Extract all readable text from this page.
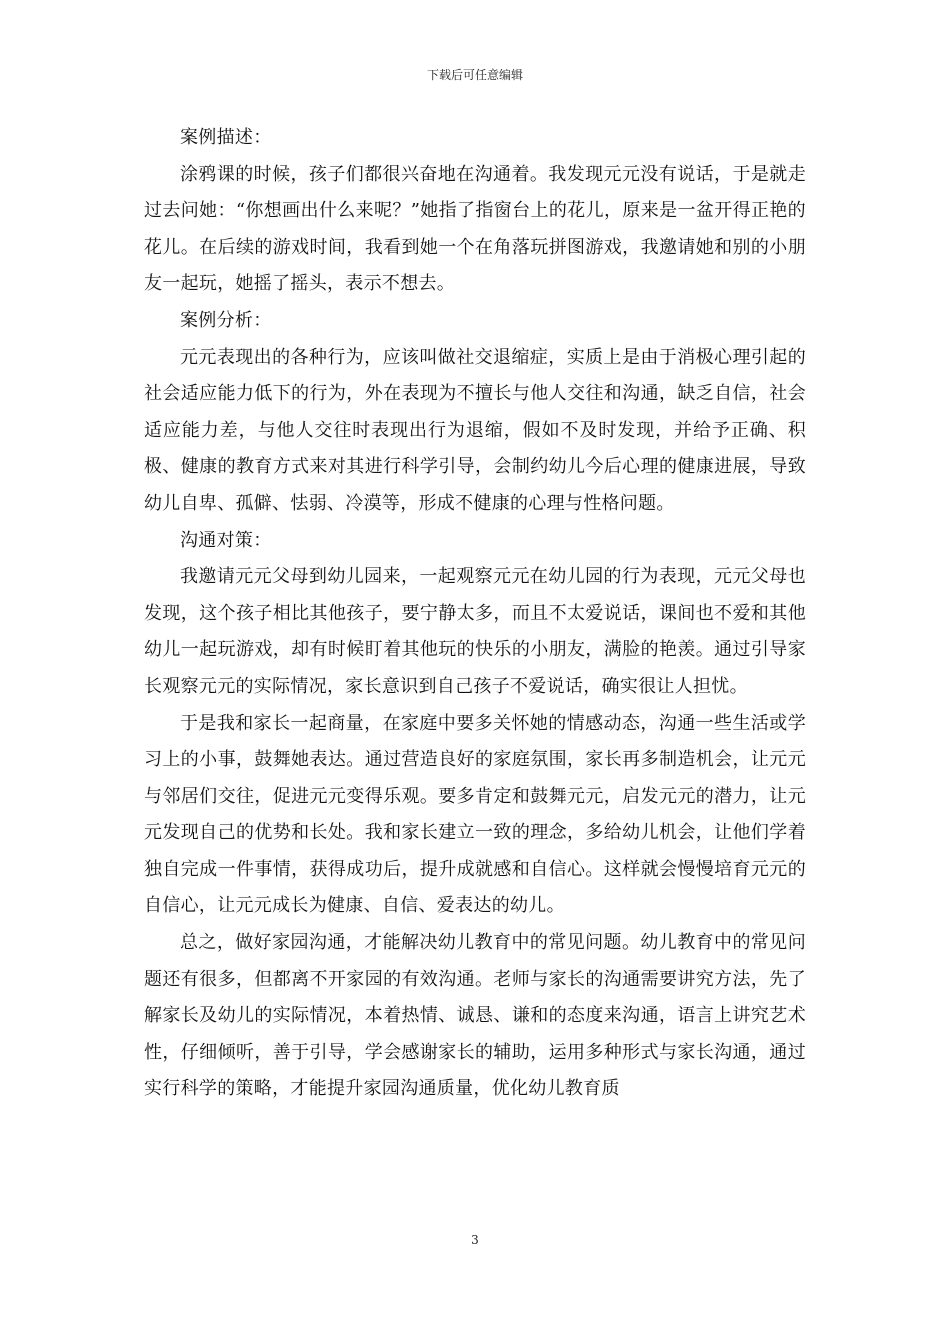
下载后可任意编辑

案例描述：

涂鸦课的时候，孩子们都很兴奋地在沟通着。我发现元元没有说话，于是就走过去问她：“你想画出什么来呢？”她指了指窗台上的花儿，原来是一盆开得正艳的花儿。在后续的游戏时间，我看到她一个在角落玩拼图游戏，我邀请她和别的小朋友一起玩，她摇了摇头，表示不想去。

案例分析：

元元表现出的各种行为，应该叫做社交退缩症，实质上是由于消极心理引起的社会适应能力低下的行为，外在表现为不擅长与他人交往和沟通，缺乏自信，社会适应能力差，与他人交往时表现出行为退缩，假如不及时发现，并给予正确、积极、健康的教育方式来对其进行科学引导，会制约幼儿今后心理的健康进展，导致幼儿自卑、孤僻、怯弱、冷漠等，形成不健康的心理与性格问题。

沟通对策：

我邀请元元父母到幼儿园来，一起观察元元在幼儿园的行为表现，元元父母也发现，这个孩子相比其他孩子，要宁静太多，而且不太爱说话，课间也不爱和其他幼儿一起玩游戏，却有时候盯着其他玩的快乐的小朋友，满脸的艳羡。通过引导家长观察元元的实际情况，家长意识到自己孩子不爱说话，确实很让人担忧。

于是我和家长一起商量，在家庭中要多关怀她的情感动态，沟通一些生活或学习上的小事，鼓舞她表达。通过营造良好的家庭氛围，家长再多制造机会，让元元与邻居们交往，促进元元变得乐观。要多肯定和鼓舞元元，启发元元的潜力，让元元发现自己的优势和长处。我和家长建立一致的理念，多给幼儿机会，让他们学着独自完成一件事情，获得成功后，提升成就感和自信心。这样就会慢慢培育元元的自信心，让元元成长为健康、自信、爱表达的幼儿。

总之，做好家园沟通，才能解决幼儿教育中的常见问题。幼儿教育中的常见问题还有很多，但都离不开家园的有效沟通。老师与家长的沟通需要讲究方法，先了解家长及幼儿的实际情况，本着热情、诚恳、谦和的态度来沟通，语言上讲究艺术性，仔细倾听，善于引导，学会感谢家长的辅助，运用多种形式与家长沟通，通过实行科学的策略，才能提升家园沟通质量，优化幼儿教育质

3
